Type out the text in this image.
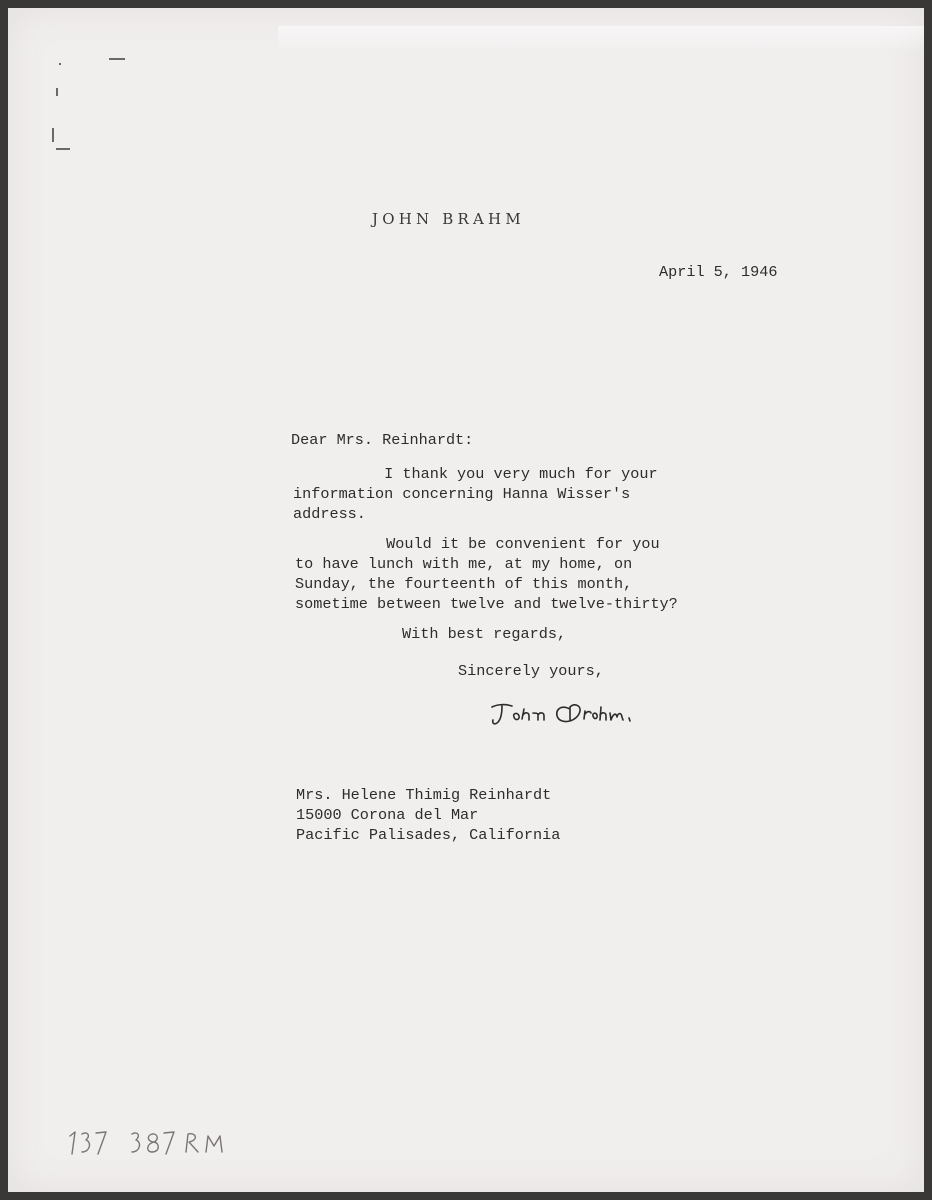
JOHN BRAHM
April 5, 1946
Dear Mrs. Reinhardt:
I thank you very much for your
information concerning Hanna Wisser's
address.
Would it be convenient for you
to have lunch with me, at my home, on
Sunday, the fourteenth of this month,
sometime between twelve and twelve-thirty?
With best regards,
Sincerely yours,
Mrs. Helene Thimig Reinhardt
15000 Corona del Mar
Pacific Palisades, California
